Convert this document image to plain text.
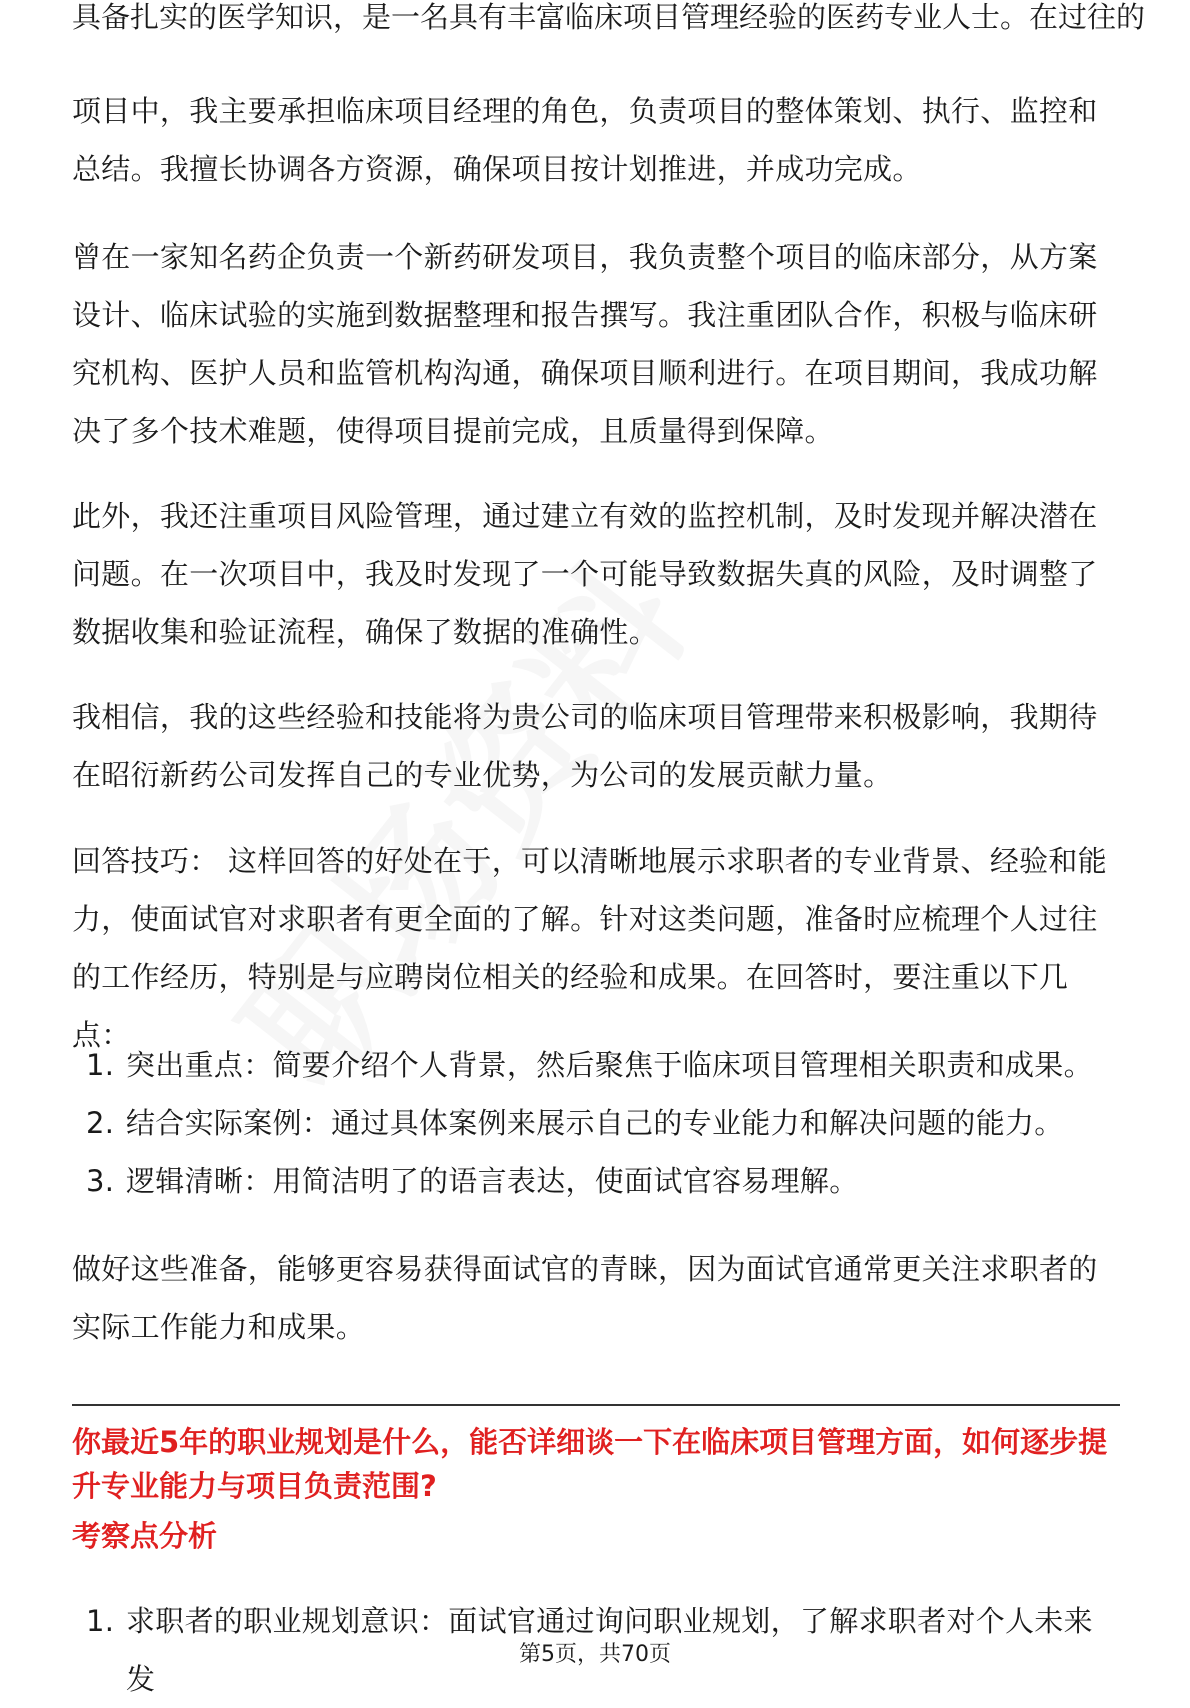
具备扎实的医学知识，是一名具有丰富临床项目管理经验的医药专业人士。在过往的

项目中，我主要承担临床项目经理的角色，负责项目的整体策划、执行、监控和总结。我擅长协调各方资源，确保项目按计划推进，并成功完成。

曾在一家知名药企负责一个新药研发项目，我负责整个项目的临床部分，从方案设计、临床试验的实施到数据整理和报告撰写。我注重团队合作，积极与临床研究机构、医护人员和监管机构沟通，确保项目顺利进行。在项目期间，我成功解决了多个技术难题，使得项目提前完成，且质量得到保障。

此外，我还注重项目风险管理，通过建立有效的监控机制，及时发现并解决潜在问题。在一次项目中，我及时发现了一个可能导致数据失真的风险，及时调整了数据收集和验证流程，确保了数据的准确性。

我相信，我的这些经验和技能将为贵公司的临床项目管理带来积极影响，我期待在昭衍新药公司发挥自己的专业优势，为公司的发展贡献力量。

回答技巧： 这样回答的好处在于，可以清晰地展示求职者的专业背景、经验和能力，使面试官对求职者有更全面的了解。针对这类问题，准备时应梳理个人过往的工作经历，特别是与应聘岗位相关的经验和成果。在回答时，要注重以下几点：

1. 突出重点：简要介绍个人背景，然后聚焦于临床项目管理相关职责和成果。
2. 结合实际案例：通过具体案例来展示自己的专业能力和解决问题的能力。
3. 逻辑清晰：用简洁明了的语言表达，使面试官容易理解。

做好这些准备，能够更容易获得面试官的青睐，因为面试官通常更关注求职者的实际工作能力和成果。

你最近5年的职业规划是什么，能否详细谈一下在临床项目管理方面，如何逐步提升专业能力与项目负责范围?
考察点分析
1. 求职者的职业规划意识：面试官通过询问职业规划，了解求职者对个人未来发
第5页，共70页
